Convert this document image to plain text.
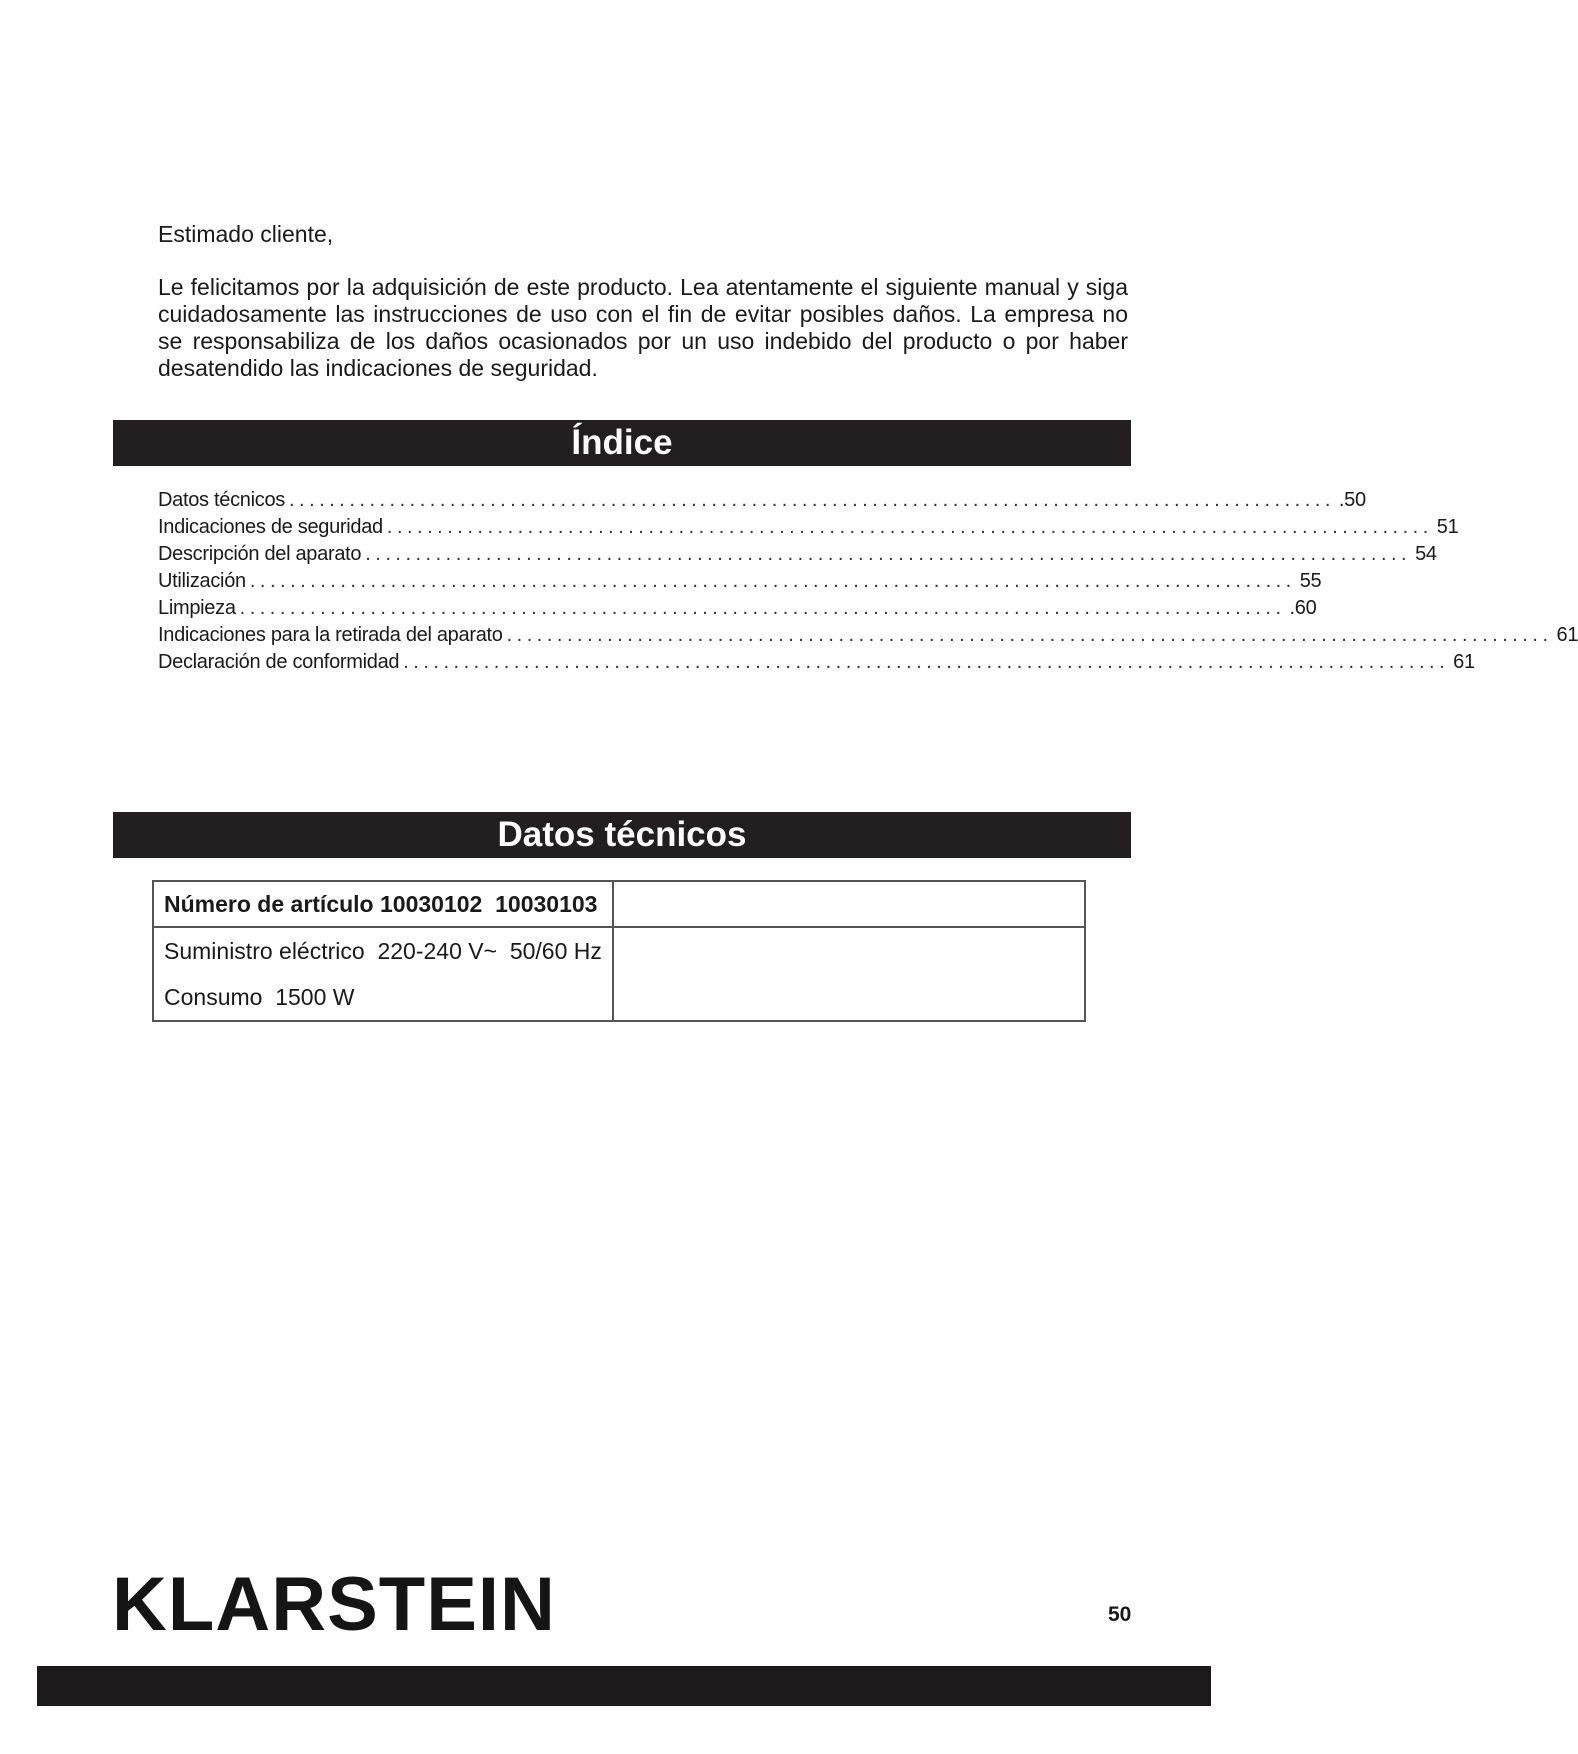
Estimado cliente,
Le felicitamos por la adquisición de este producto. Lea atentamente el siguiente manual y siga cuidadosamente las instrucciones de uso con el fin de evitar posibles daños. La empresa no se responsabiliza de los daños ocasionados por un uso indebido del producto o por haber desatendido las indicaciones de seguridad.
Índice
Datos técnicos ........................................................................................................ .50
Indicaciones de seguridad ........................................................................................................ 51
Descripción del aparato ........................................................................................................ 54
Utilización ........................................................................................................ 55
Limpieza ........................................................................................................ .60
Indicaciones para la retirada del aparato ........................................................................................................ 61
Declaración de conformidad ........................................................................................................ 61
Datos técnicos
Número de artículo 10030102  10030103	

Suministro eléctrico 220-240 V~  50/60 Hz
Consumo 1500 W	

KLARSTEIN	50
